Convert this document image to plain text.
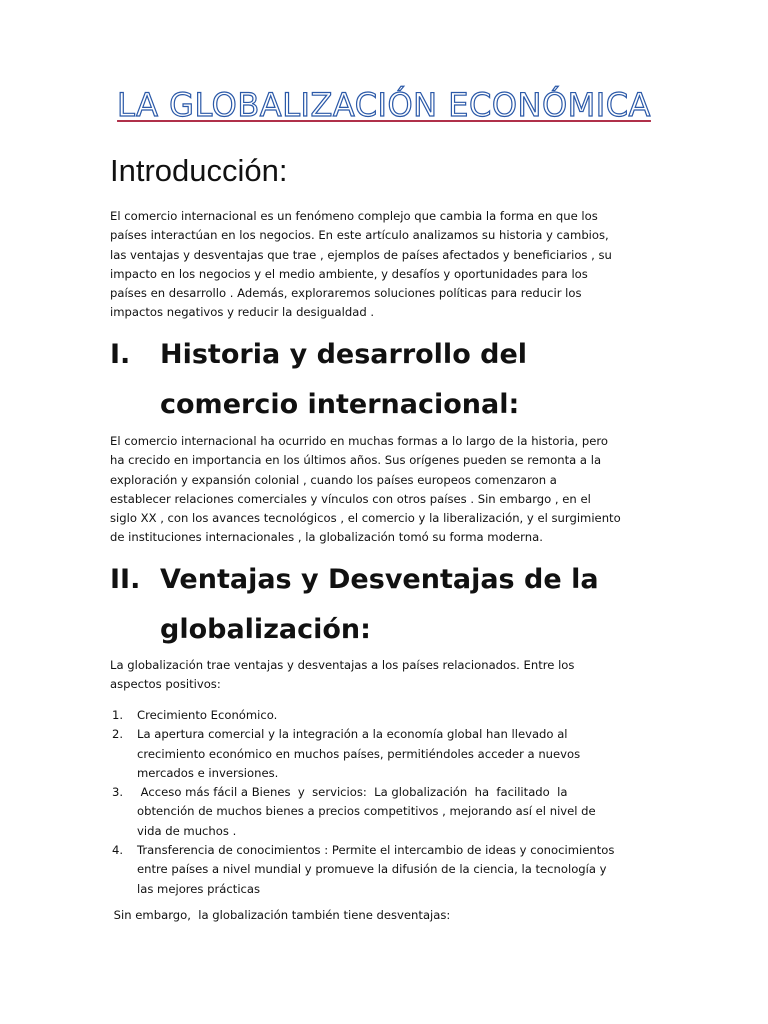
LA GLOBALIZACIÓN ECONÓMICA
Introducción:
El comercio internacional es un fenómeno complejo que cambia la forma en que los
países interactúan en los negocios. En este artículo analizamos su historia y cambios,
las ventajas y desventajas que trae , ejemplos de países afectados y beneficiarios , su
impacto en los negocios y el medio ambiente, y desafíos y oportunidades para los
países en desarrollo . Además, exploraremos soluciones políticas para reducir los
impactos negativos y reducir la desigualdad .
I. Historia y desarrollo del
comercio internacional:
El comercio internacional ha ocurrido en muchas formas a lo largo de la historia, pero
ha crecido en importancia en los últimos años. Sus orígenes pueden se remonta a la
exploración y expansión colonial , cuando los países europeos comenzaron a
establecer relaciones comerciales y vínculos con otros países . Sin embargo , en el
siglo XX , con los avances tecnológicos , el comercio y la liberalización, y el surgimiento
de instituciones internacionales , la globalización tomó su forma moderna.
II. Ventajas y Desventajas de la
globalización:
La globalización trae ventajas y desventajas a los países relacionados. Entre los
aspectos positivos:
1. Crecimiento Económico.
2. La apertura comercial y la integración a la economía global han llevado al
crecimiento económico en muchos países, permitiéndoles acceder a nuevos
mercados e inversiones.
3. Acceso más fácil a Bienes  y  servicios:  La globalización  ha  facilitado  la
obtención de muchos bienes a precios competitivos , mejorando así el nivel de
vida de muchos .
4. Transferencia de conocimientos : Permite el intercambio de ideas y conocimientos
entre países a nivel mundial y promueve la difusión de la ciencia, la tecnología y
las mejores prácticas
Sin embargo,  la globalización también tiene desventajas:
